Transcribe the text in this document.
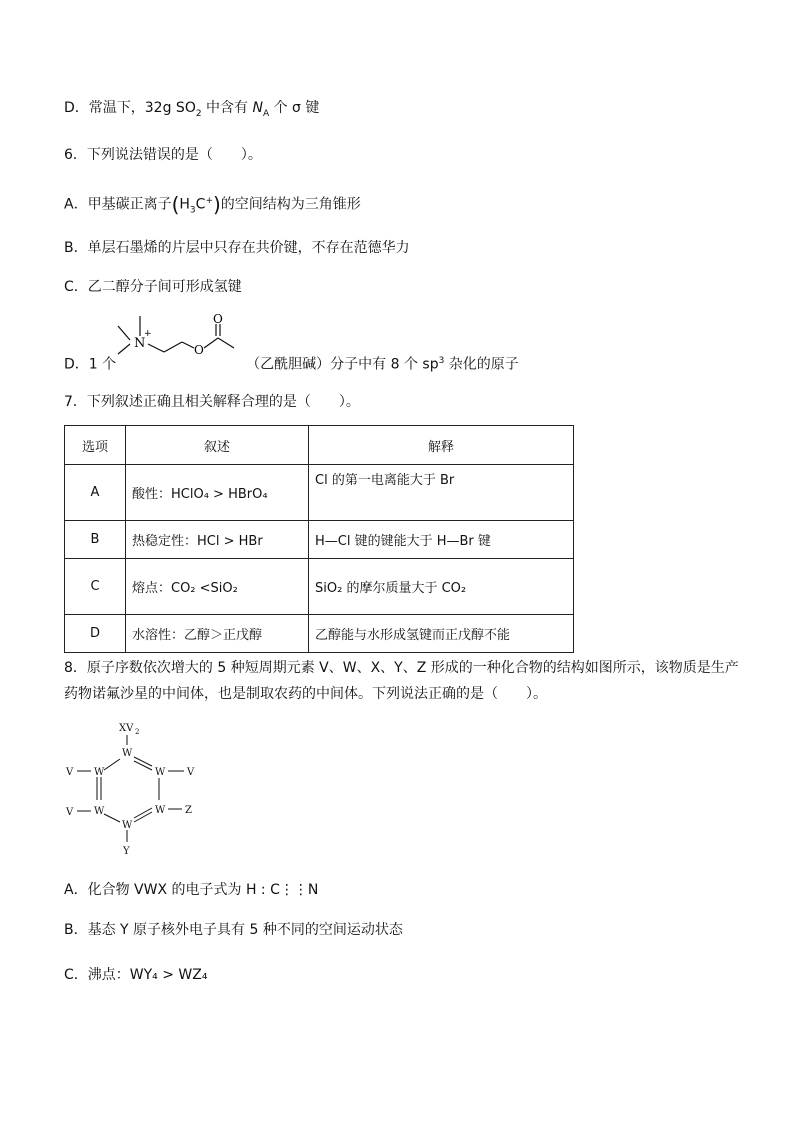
D．常温下，32g $SO_2$ 中含有 $N_A$ 个 σ 键
6．下列说法错误的是（　　）。
A．甲基碳正离子$(H_3C^+)$的空间结构为三角锥形
B．单层石墨烯的片层中只存在共价键，不存在范德华力
C．乙二醇分子间可形成氢键
N
+
O
O
D．1 个	（乙酰胆碱）分子中有 8 个 $sp^3$ 杂化的原子
7．下列叙述正确且相关解释合理的是（　　）。
选项	叙述	解释
A	酸性：HClO₄ > HBrO₄	Cl 的第一电离能大于 Br
B	热稳定性：HCl > HBr	H—Cl 键的键能大于 H—Br 键
C	熔点：CO₂ <SiO₂	SiO₂ 的摩尔质量大于 CO₂
D	水溶性：乙醇＞正戊醇	乙醇能与水形成氢键而正戊醇不能
8．原子序数依次增大的 5 种短周期元素 V、W、X、Y、Z 形成的一种化合物的结构如图所示，该物质是生产
药物诺氟沙星的中间体，也是制取农药的中间体。下列说法正确的是（　　）。
XV 2
W
W	W
W	W
W
V	V
V	Z
Y
A．化合物 VWX 的电子式为 H : C⋮⋮N
B．基态 Y 原子核外电子具有 5 种不同的空间运动状态
C．沸点：WY₄ > WZ₄
